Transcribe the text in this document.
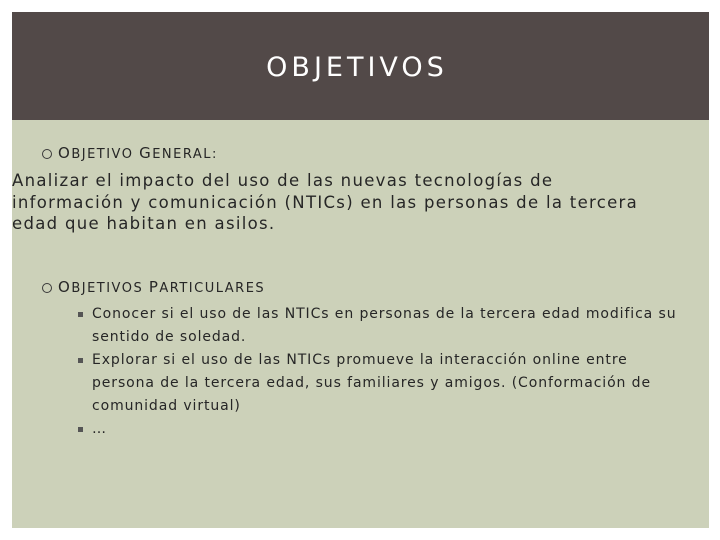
OBJETIVOS
O BJETIVO G ENERAL:
Analizar el impacto del uso de las nuevas tecnologías de información y comunicación (NTICs) en las personas de la tercera edad que habitan en asilos.
O BJETIVOS P ARTICULARES
Conocer si el uso de las NTICs en personas de la tercera edad modifica su sentido de soledad.
Explorar si el uso de las NTICs promueve la interacción online entre persona de la tercera edad, sus familiares y amigos. (Conformación de comunidad virtual)
…
